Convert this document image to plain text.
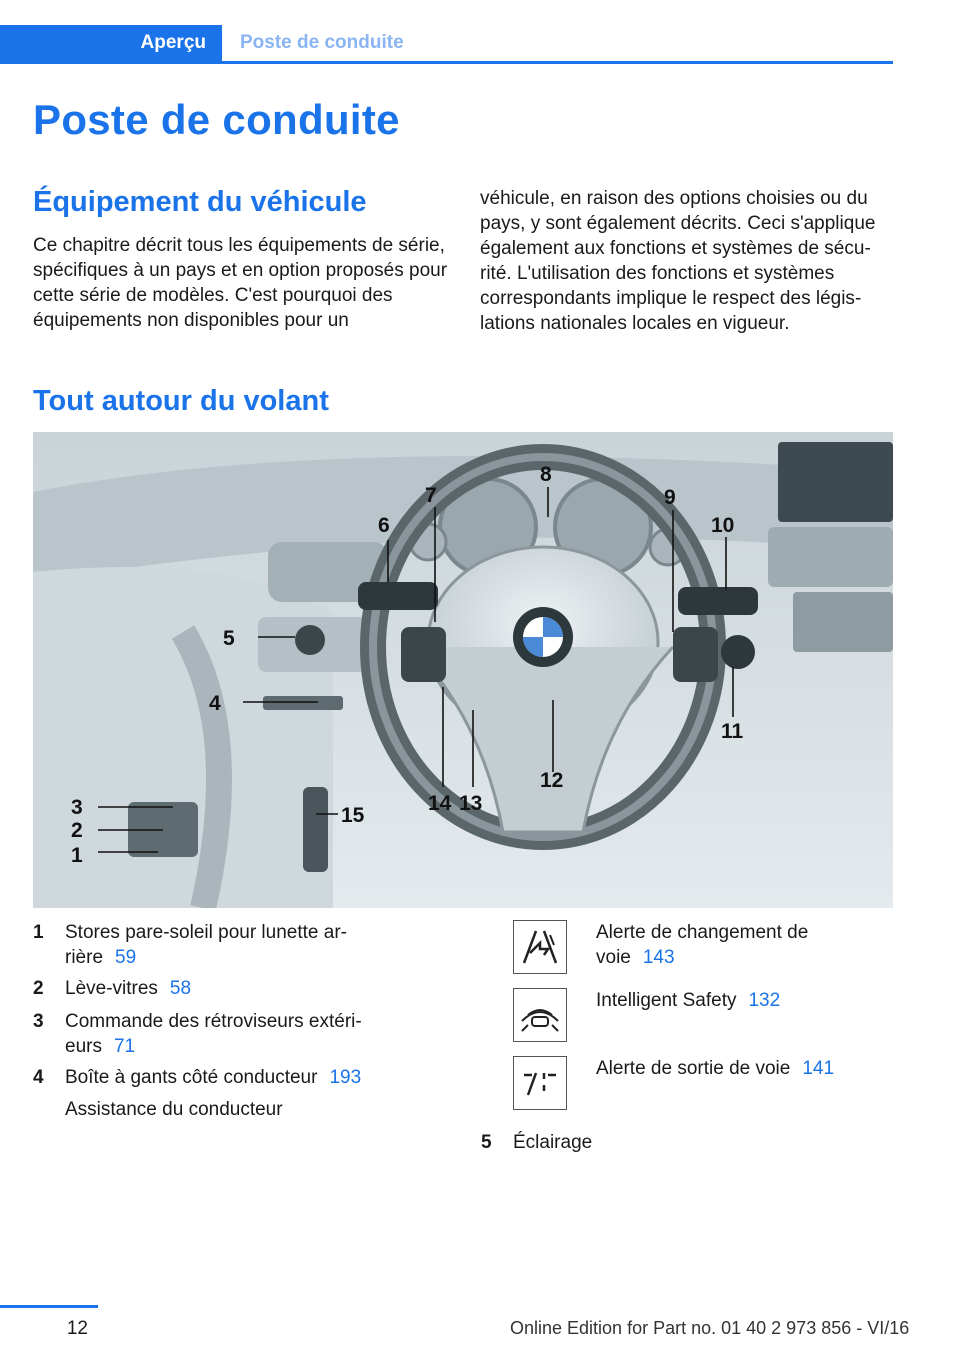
Aperçu	Poste de conduite
Poste de conduite
Équipement du véhicule

Ce chapitre décrit tous les équipements de série, spécifiques à un pays et en option proposés pour cette série de modèles. C'est pourquoi des équipements non disponibles pour un

véhicule, en raison des options choisies ou du pays, y sont également décrits. Ceci s'applique également aux fonctions et systèmes de sécurité. L'utilisation des fonctions et systèmes correspondants implique le respect des législations nationales locales en vigueur.

Tout autour du volant
3
2
1
4
5
6
7
8
9
10
11
12
13
14
15
1 Stores pare-soleil pour lunette arrière 59
2 Lève-vitres 58
3 Commande des rétroviseurs extérieurs 71
4 Boîte à gants côté conducteur 193
Assistance du conducteur
Alerte de changement de voie 143
Intelligent Safety 132
Alerte de sortie de voie 141
5 Éclairage
12	Online Edition for Part no. 01 40 2 973 856 - VI/16
